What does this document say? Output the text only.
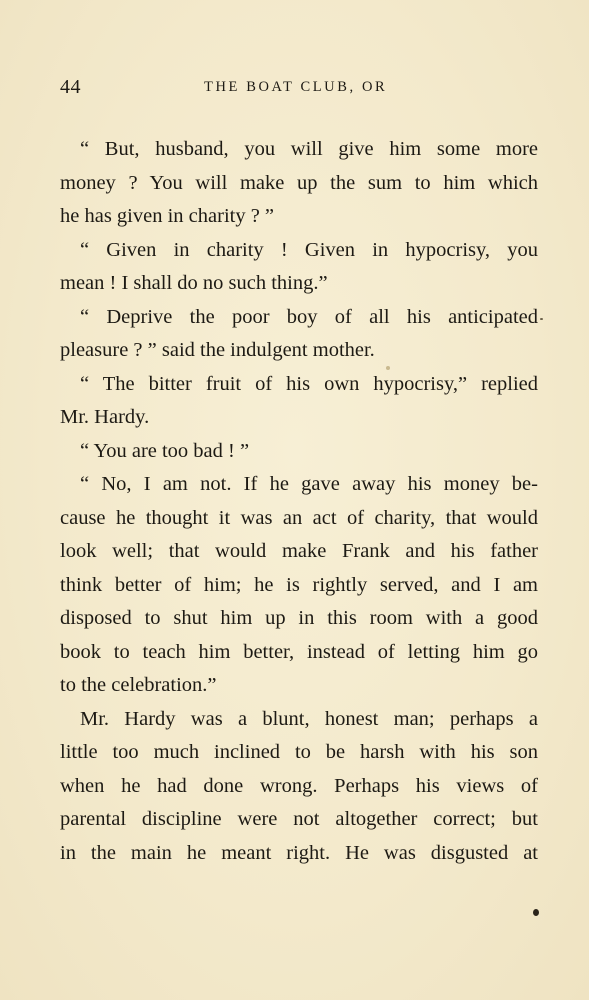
44	THE BOAT CLUB, OR
“ But, husband, you will give him some more
money ? You will make up the sum to him which
he has given in charity ? ”
“ Given in charity ! Given in hypocrisy, you
mean ! I shall do no such thing.”
“ Deprive the poor boy of all his anticipated
pleasure ? ” said the indulgent mother.
“ The bitter fruit of his own hypocrisy,” replied
Mr. Hardy.
“ You are too bad ! ”
“ No, I am not. If he gave away his money be-
cause he thought it was an act of charity, that would
look well; that would make Frank and his father
think better of him; he is rightly served, and I am
disposed to shut him up in this room with a good
book to teach him better, instead of letting him go
to the celebration.”
Mr. Hardy was a blunt, honest man; perhaps a
little too much inclined to be harsh with his son
when he had done wrong. Perhaps his views of
parental discipline were not altogether correct; but
in the main he meant right. He was disgusted at
